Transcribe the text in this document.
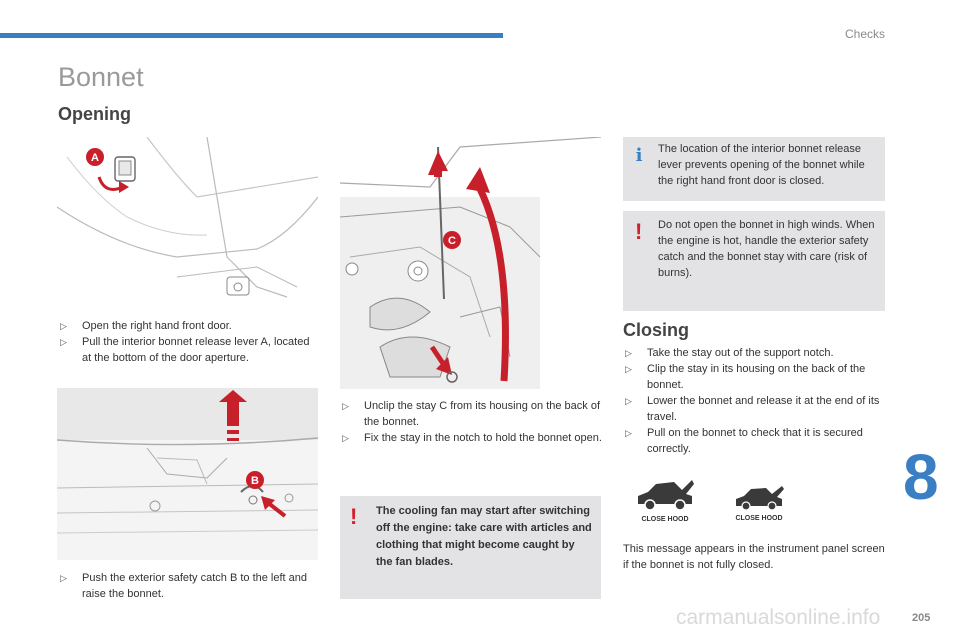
Checks
Bonnet
Opening
A
▷ Open the right hand front door.
▷ Pull the interior bonnet release lever A, located at the bottom of the door aperture.
B
▷ Push the exterior safety catch B to the left and raise the bonnet.
C
▷ Unclip the stay C from its housing on the back of the bonnet.
▷ Fix the stay in the notch to hold the bonnet open.
! The cooling fan may start after switching off the engine: take care with articles and clothing that might become caught by the fan blades.
i The location of the interior bonnet release lever prevents opening of the bonnet while the right hand front door is closed.
! Do not open the bonnet in high winds. When the engine is hot, handle the exterior safety catch and the bonnet stay with care (risk of burns).
Closing
▷ Take the stay out of the support notch.
▷ Clip the stay in its housing on the back of the bonnet.
▷ Lower the bonnet and release it at the end of its travel.
▷ Pull on the bonnet to check that it is secured correctly.
CLOSE HOOD	CLOSE HOOD
This message appears in the instrument panel screen if the bonnet is not fully closed.
8
carmanualsonline.info	205
